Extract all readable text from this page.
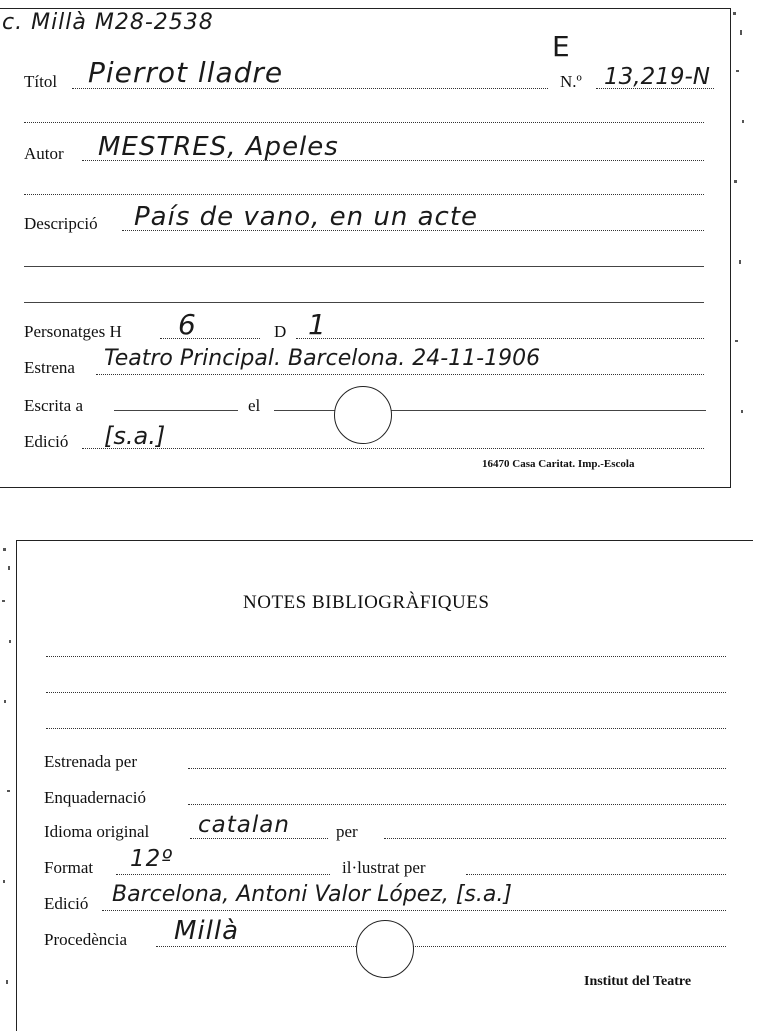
c. Millà M28-2538
E
Títol Pierrot lladre	N.º 13,219-N
Autor MESTRES, Apeles
Descripció País de vano, en un acte
Personatges H 6	D 1
Estrena Teatro Principal. Barcelona. 24-11-1906
Escrita a	el
Edició [s.a.]
16470 Casa Caritat. Imp.-Escola
NOTES BIBLIOGRÀFIQUES
Estrenada per
Enquadernació
Idioma original catalan	per
Format 12º	il·lustrat per
Edició Barcelona, Antoni Valor López, [s.a.]
Procedència Millà
Institut del Teatre
